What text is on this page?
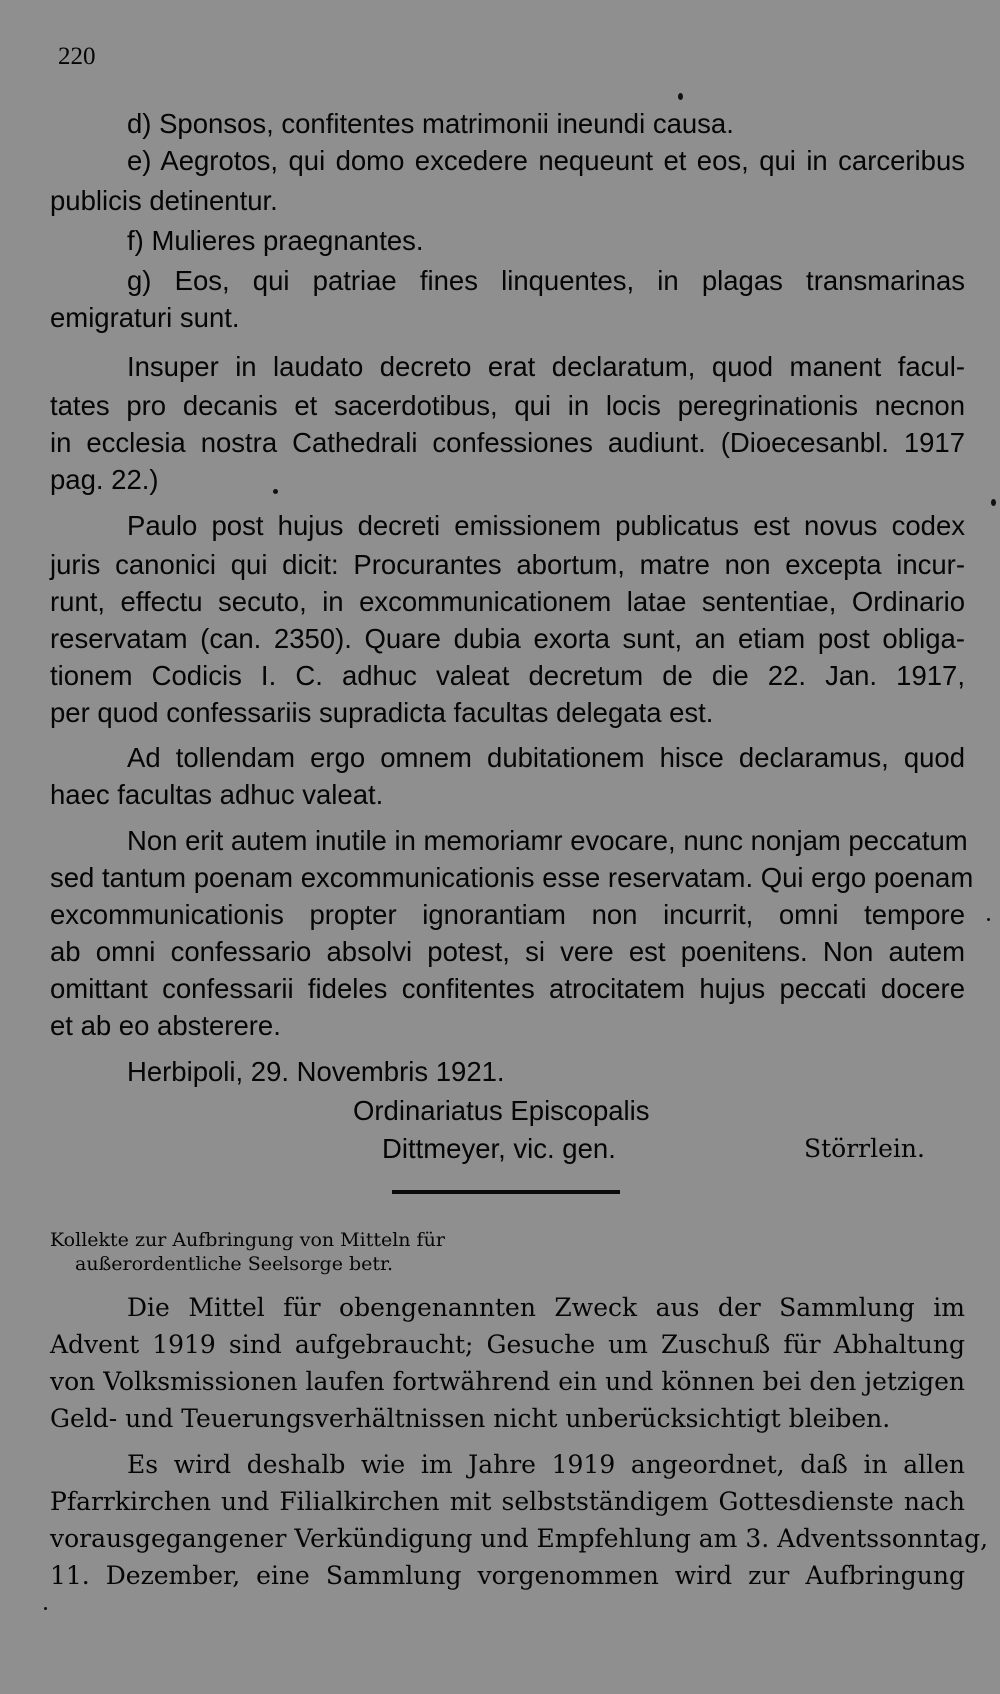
220

d) Sponsos, confitentes matrimonii ineundi causa.

e) Aegrotos, qui domo excedere nequeunt et eos, qui in carceribus

publicis detinentur.

f) Mulieres praegnantes.

g) Eos, qui patriae fines linquentes, in plagas transmarinas

emigraturi sunt.

Insuper in laudato decreto erat declaratum, quod manent facul-

tates pro decanis et sacerdotibus, qui in locis peregrinationis necnon

in ecclesia nostra Cathedrali confessiones audiunt. (Dioecesanbl. 1917

pag. 22.)

Paulo post hujus decreti emissionem publicatus est novus codex

juris canonici qui dicit: Procurantes abortum, matre non excepta incur-

runt, effectu secuto, in excommunicationem latae sententiae, Ordinario

reservatam (can. 2350). Quare dubia exorta sunt, an etiam post obliga-

tionem Codicis I. C. adhuc valeat decretum de die 22. Jan. 1917,

per quod confessariis supradicta facultas delegata est.

Ad tollendam ergo omnem dubitationem hisce declaramus, quod

haec facultas adhuc valeat.

Non erit autem inutile in memoriamr evocare, nunc nonjam peccatum

sed tantum poenam excommunicationis esse reservatam. Qui ergo poenam

excommunicationis propter ignorantiam non incurrit, omni tempore

ab omni confessario absolvi potest, si vere est poenitens. Non autem

omittant confessarii fideles confitentes atrocitatem hujus peccati docere

et ab eo absterere.

Herbipoli, 29. Novembris 1921.

Ordinariatus Episcopalis

Dittmeyer, vic. gen.	Störrlein.

Kollekte zur Aufbringung von Mitteln für

außerordentliche Seelsorge betr.

Die Mittel für obengenannten Zweck aus der Sammlung im

Advent 1919 sind aufgebraucht; Gesuche um Zuschuß für Abhaltung

von Volksmissionen laufen fortwährend ein und können bei den jetzigen

Geld- und Teuerungsverhältnissen nicht unberücksichtigt bleiben.

Es wird deshalb wie im Jahre 1919 angeordnet, daß in allen

Pfarrkirchen und Filialkirchen mit selbstständigem Gottesdienste nach

vorausgegangener Verkündigung und Empfehlung am 3. Adventssonntag,

11. Dezember, eine Sammlung vorgenommen wird zur Aufbringung
